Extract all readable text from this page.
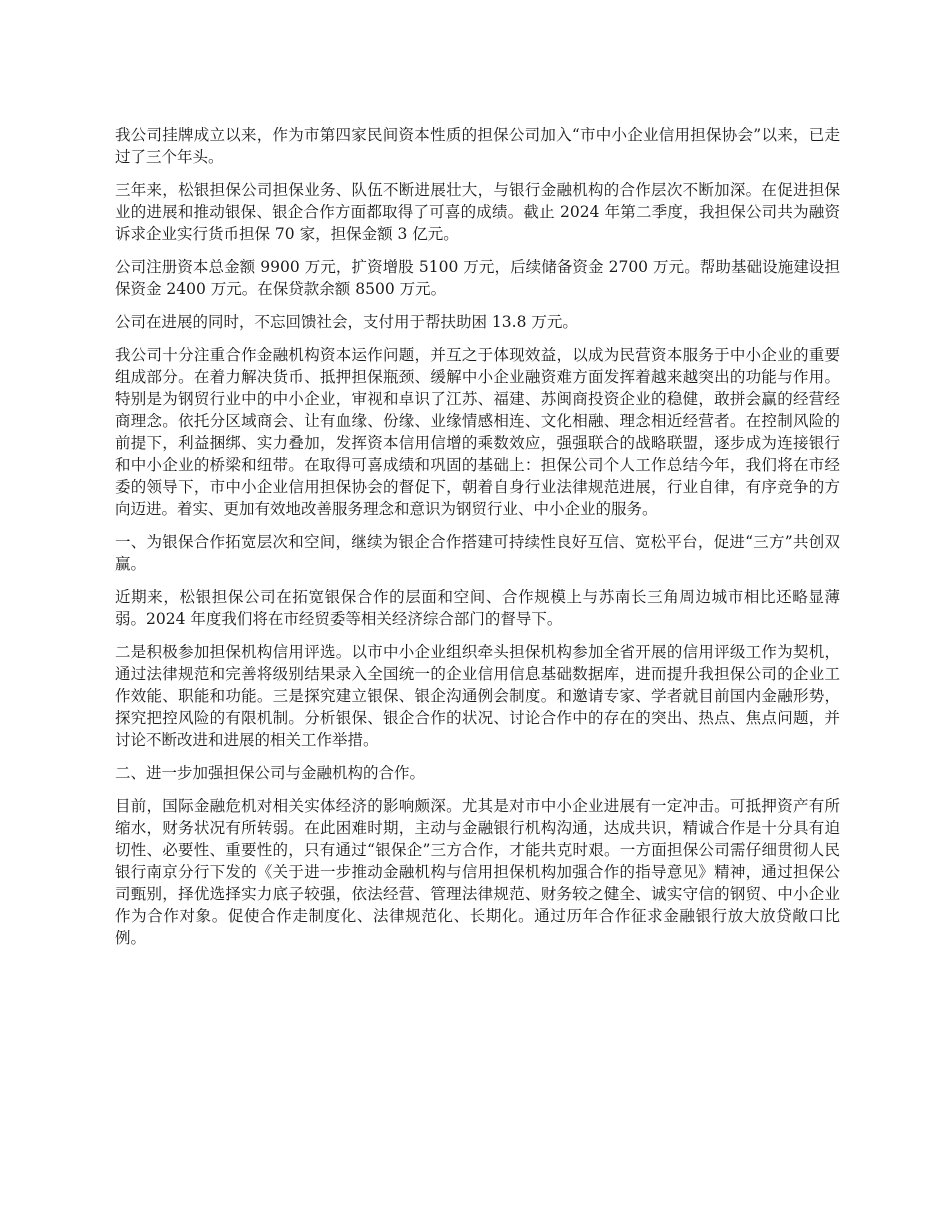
我公司挂牌成立以来，作为市第四家民间资本性质的担保公司加入“市中小企业信用担保协会”以来，已走过了三个年头。

三年来，松银担保公司担保业务、队伍不断进展壮大，与银行金融机构的合作层次不断加深。在促进担保业的进展和推动银保、银企合作方面都取得了可喜的成绩。截止 2024 年第二季度，我担保公司共为融资诉求企业实行货币担保 70 家，担保金额 3 亿元。

公司注册资本总金额 9900 万元，扩资增股 5100 万元，后续储备资金 2700 万元。帮助基础设施建设担保资金 2400 万元。在保贷款余额 8500 万元。

公司在进展的同时，不忘回馈社会，支付用于帮扶助困 13.8 万元。

我公司十分注重合作金融机构资本运作问题，并互之于体现效益，以成为民营资本服务于中小企业的重要组成部分。在着力解决货币、抵押担保瓶颈、缓解中小企业融资难方面发挥着越来越突出的功能与作用。特别是为钢贸行业中的中小企业，审视和卓识了江苏、福建、苏闽商投资企业的稳健，敢拼会赢的经营经商理念。依托分区域商会、让有血缘、份缘、业缘情感相连、文化相融、理念相近经营者。在控制风险的前提下，利益捆绑、实力叠加，发挥资本信用信增的乘数效应，强强联合的战略联盟，逐步成为连接银行和中小企业的桥梁和纽带。在取得可喜成绩和巩固的基础上：担保公司个人工作总结今年，我们将在市经委的领导下，市中小企业信用担保协会的督促下，朝着自身行业法律规范进展，行业自律，有序竞争的方向迈进。着实、更加有效地改善服务理念和意识为钢贸行业、中小企业的服务。

一、为银保合作拓宽层次和空间，继续为银企合作搭建可持续性良好互信、宽松平台，促进“三方”共创双赢。

近期来，松银担保公司在拓宽银保合作的层面和空间、合作规模上与苏南长三角周边城市相比还略显薄弱。2024 年度我们将在市经贸委等相关经济综合部门的督导下。

二是积极参加担保机构信用评选。以市中小企业组织牵头担保机构参加全省开展的信用评级工作为契机，通过法律规范和完善将级别结果录入全国统一的企业信用信息基础数据库，进而提升我担保公司的企业工作效能、职能和功能。三是探究建立银保、银企沟通例会制度。和邀请专家、学者就目前国内金融形势，探究把控风险的有限机制。分析银保、银企合作的状况、讨论合作中的存在的突出、热点、焦点问题，并讨论不断改进和进展的相关工作举措。

二、进一步加强担保公司与金融机构的合作。

目前，国际金融危机对相关实体经济的影响颇深。尤其是对市中小企业进展有一定冲击。可抵押资产有所缩水，财务状况有所转弱。在此困难时期，主动与金融银行机构沟通，达成共识，精诚合作是十分具有迫切性、必要性、重要性的，只有通过“银保企”三方合作，才能共克时艰。一方面担保公司需仔细贯彻人民银行南京分行下发的《关于进一步推动金融机构与信用担保机构加强合作的指导意见》精神，通过担保公司甄别，择优选择实力底子较强，依法经营、管理法律规范、财务较之健全、诚实守信的钢贸、中小企业作为合作对象。促使合作走制度化、法律规范化、长期化。通过历年合作征求金融银行放大放贷敞口比例。
